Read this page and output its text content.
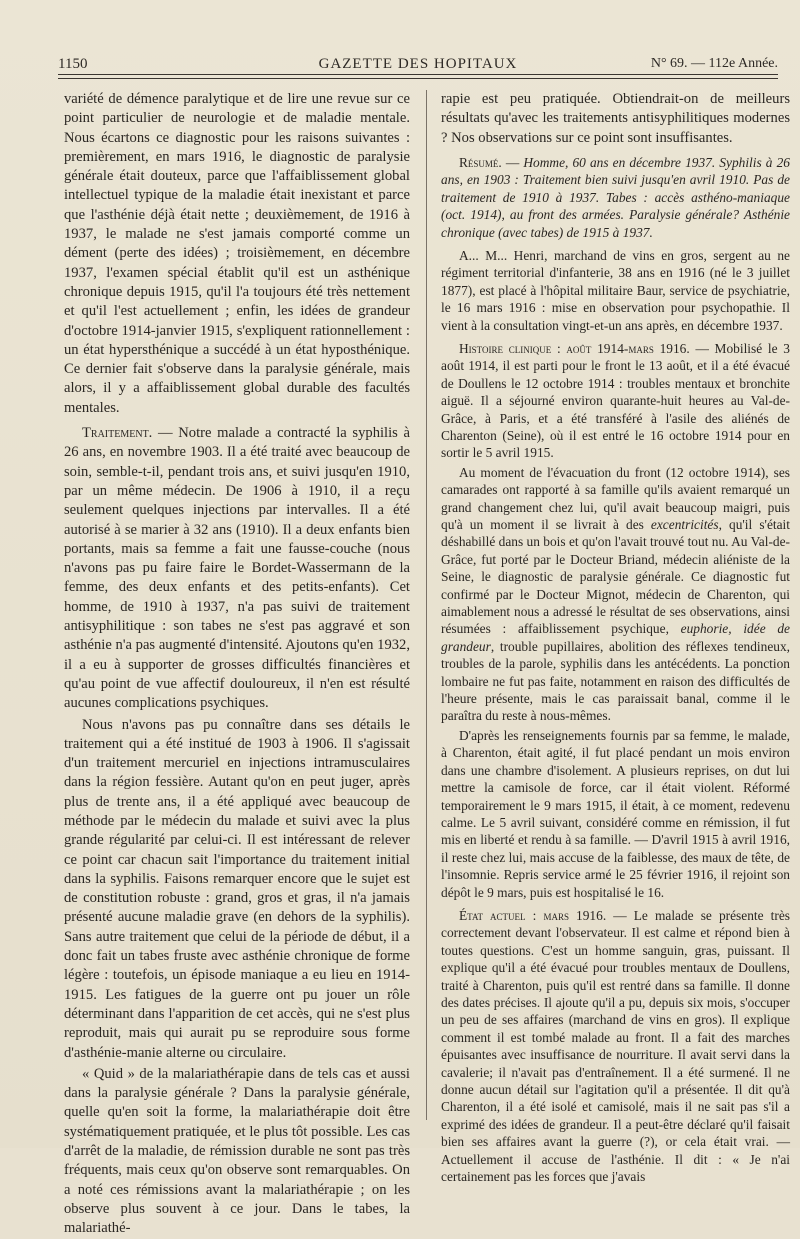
1150	GAZETTE DES HOPITAUX	N° 69. — 112e Année.

variété de démence paralytique et de lire une revue sur ce point particulier de neurologie et de maladie mentale. Nous écartons ce diagnostic pour les raisons suivantes : premièrement, en mars 1916, le diagnostic de paralysie générale était douteux, parce que l'affaiblissement global intellectuel typique de la maladie était inexistant et parce que l'asthénie déjà était nette ; deuxièmement, de 1916 à 1937, le malade ne s'est jamais comporté comme un dément (perte des idées) ; troisièmement, en décembre 1937, l'examen spécial établit qu'il est un asthénique chronique depuis 1915, qu'il l'a toujours été très nettement et qu'il l'est actuellement ; enfin, les idées de grandeur d'octobre 1914-janvier 1915, s'expliquent rationnellement : un état hypersthénique a succédé à un état hyposthénique. Ce dernier fait s'observe dans la paralysie générale, mais alors, il y a affaiblissement global durable des facultés mentales.

Traitement. — Notre malade a contracté la syphilis à 26 ans, en novembre 1903. Il a été traité avec beaucoup de soin, semble-t-il, pendant trois ans, et suivi jusqu'en 1910, par un même médecin. De 1906 à 1910, il a reçu seulement quelques injections par intervalles. Il a été autorisé à se marier à 32 ans (1910). Il a deux enfants bien portants, mais sa femme a fait une fausse-couche (nous n'avons pas pu faire faire le Bordet-Wassermann de la femme, des deux enfants et des petits-enfants). Cet homme, de 1910 à 1937, n'a pas suivi de traitement antisyphilitique : son tabes ne s'est pas aggravé et son asthénie n'a pas augmenté d'intensité. Ajoutons qu'en 1932, il a eu à supporter de grosses difficultés financières et qu'au point de vue affectif douloureux, il n'en est résulté aucunes complications psychiques.

Nous n'avons pas pu connaître dans ses détails le traitement qui a été institué de 1903 à 1906. Il s'agissait d'un traitement mercuriel en injections intramusculaires dans la région fessière. Autant qu'on en peut juger, après plus de trente ans, il a été appliqué avec beaucoup de méthode par le médecin du malade et suivi avec la plus grande régularité par celui-ci. Il est intéressant de relever ce point car chacun sait l'importance du traitement initial dans la syphilis. Faisons remarquer encore que le sujet est de constitution robuste : grand, gros et gras, il n'a jamais présenté aucune maladie grave (en dehors de la syphilis). Sans autre traitement que celui de la période de début, il a donc fait un tabes fruste avec asthénie chronique de forme légère : toutefois, un épisode maniaque a eu lieu en 1914-1915. Les fatigues de la guerre ont pu jouer un rôle déterminant dans l'apparition de cet accès, qui ne s'est plus reproduit, mais qui aurait pu se reproduire sous forme d'asthénie-manie alterne ou circulaire.

« Quid » de la malariathérapie dans de tels cas et aussi dans la paralysie générale ? Dans la paralysie générale, quelle qu'en soit la forme, la malariathérapie doit être systématiquement pratiquée, et le plus tôt possible. Les cas d'arrêt de la maladie, de rémission durable ne sont pas très fréquents, mais ceux qu'on observe sont remarquables. On a noté ces rémissions avant la malariathérapie ; on les observe plus souvent à ce jour. Dans le tabes, la malariathé-

rapie est peu pratiquée. Obtiendrait-on de meilleurs résultats qu'avec les traitements antisyphilitiques modernes ? Nos observations sur ce point sont insuffisantes.

Résumé. — Homme, 60 ans en décembre 1937. Syphilis à 26 ans, en 1903 : Traitement bien suivi jusqu'en avril 1910. Pas de traitement de 1910 à 1937. Tabes : accès asthéno-maniaque (oct. 1914), au front des armées. Paralysie générale? Asthénie chronique (avec tabes) de 1915 à 1937.

A... M... Henri, marchand de vins en gros, sergent au ne régiment territorial d'infanterie, 38 ans en 1916 (né le 3 juillet 1877), est placé à l'hôpital militaire Baur, service de psychiatrie, le 16 mars 1916 : mise en observation pour psychopathie. Il vient à la consultation vingt-et-un ans après, en décembre 1937.

Histoire clinique : août 1914-mars 1916. — Mobilisé le 3 août 1914, il est parti pour le front le 13 août, et il a été évacué de Doullens le 12 octobre 1914 : troubles mentaux et bronchite aiguë. Il a séjourné environ quarante-huit heures au Val-de-Grâce, à Paris, et a été transféré à l'asile des aliénés de Charenton (Seine), où il est entré le 16 octobre 1914 pour en sortir le 5 avril 1915.

Au moment de l'évacuation du front (12 octobre 1914), ses camarades ont rapporté à sa famille qu'ils avaient remarqué un grand changement chez lui, qu'il avait beaucoup maigri, puis qu'à un moment il se livrait à des excentricités, qu'il s'était déshabillé dans un bois et qu'on l'avait trouvé tout nu. Au Val-de-Grâce, fut porté par le Docteur Briand, médecin aliéniste de la Seine, le diagnostic de paralysie générale. Ce diagnostic fut confirmé par le Docteur Mignot, médecin de Charenton, qui aimablement nous a adressé le résultat de ses observations, ainsi résumées : affaiblissement psychique, euphorie, idée de grandeur, trouble pupillaires, abolition des réflexes tendineux, troubles de la parole, syphilis dans les antécédents. La ponction lombaire ne fut pas faite, notamment en raison des difficultés de l'heure présente, mais le cas paraissait banal, comme il le paraîtra du reste à nous-mêmes.

D'après les renseignements fournis par sa femme, le malade, à Charenton, était agité, il fut placé pendant un mois environ dans une chambre d'isolement. A plusieurs reprises, on dut lui mettre la camisole de force, car il était violent. Réformé temporairement le 9 mars 1915, il était, à ce moment, redevenu calme. Le 5 avril suivant, considéré comme en rémission, il fut mis en liberté et rendu à sa famille. — D'avril 1915 à avril 1916, il reste chez lui, mais accuse de la faiblesse, des maux de tête, de l'insomnie. Repris service armé le 25 février 1916, il rejoint son dépôt le 9 mars, puis est hospitalisé le 16.

État actuel : mars 1916. — Le malade se présente très correctement devant l'observateur. Il est calme et répond bien à toutes questions. C'est un homme sanguin, gras, puissant. Il explique qu'il a été évacué pour troubles mentaux de Doullens, traité à Charenton, puis qu'il est rentré dans sa famille. Il donne des dates précises. Il ajoute qu'il a pu, depuis six mois, s'occuper un peu de ses affaires (marchand de vins en gros). Il explique comment il est tombé malade au front. Il a fait des marches épuisantes avec insuffisance de nourriture. Il avait servi dans la cavalerie; il n'avait pas d'entraînement. Il a été surmené. Il ne donne aucun détail sur l'agitation qu'il a présentée. Il dit qu'à Charenton, il a été isolé et camisolé, mais il ne sait pas s'il a exprimé des idées de grandeur. Il a peut-être déclaré qu'il faisait bien ses affaires avant la guerre (?), or cela était vrai. — Actuellement il accuse de l'asthénie. Il dit : « Je n'ai certainement pas les forces que j'avais
